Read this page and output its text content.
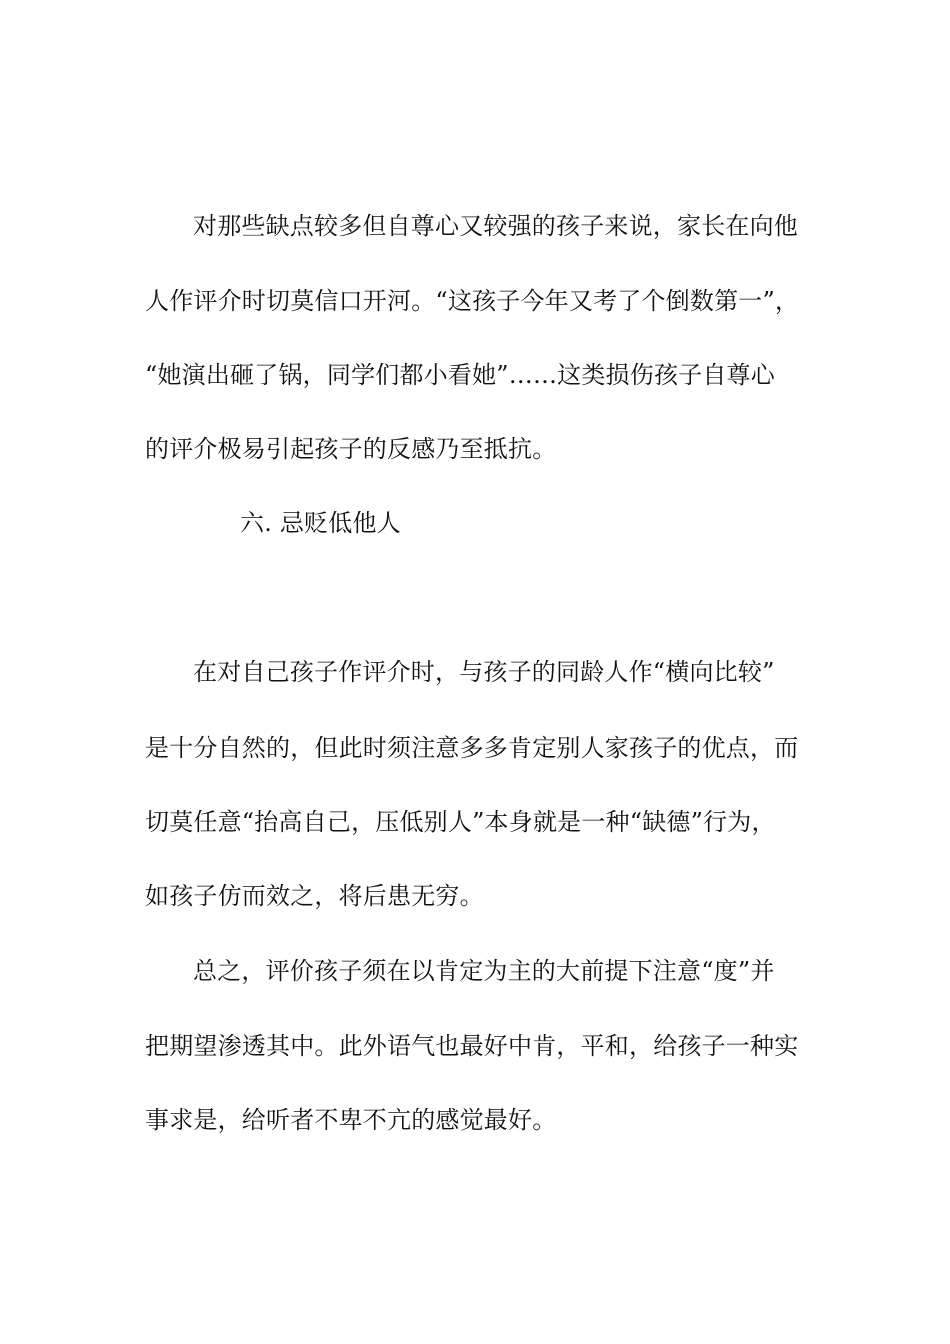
对那些缺点较多但自尊心又较强的孩子来说，家长在向他
人作评介时切莫信口开河。“这孩子今年又考了个倒数第一”，
“她演出砸了锅，同学们都小看她”……这类损伤孩子自尊心
的评介极易引起孩子的反感乃至抵抗。
六. 忌贬低他人
在对自己孩子作评介时，与孩子的同龄人作“横向比较”
是十分自然的，但此时须注意多多肯定别人家孩子的优点，而
切莫任意“抬高自己，压低别人”本身就是一种“缺德”行为，
如孩子仿而效之，将后患无穷。
总之，评价孩子须在以肯定为主的大前提下注意“度”并
把期望渗透其中。此外语气也最好中肯，平和，给孩子一种实
事求是，给听者不卑不亢的感觉最好。
